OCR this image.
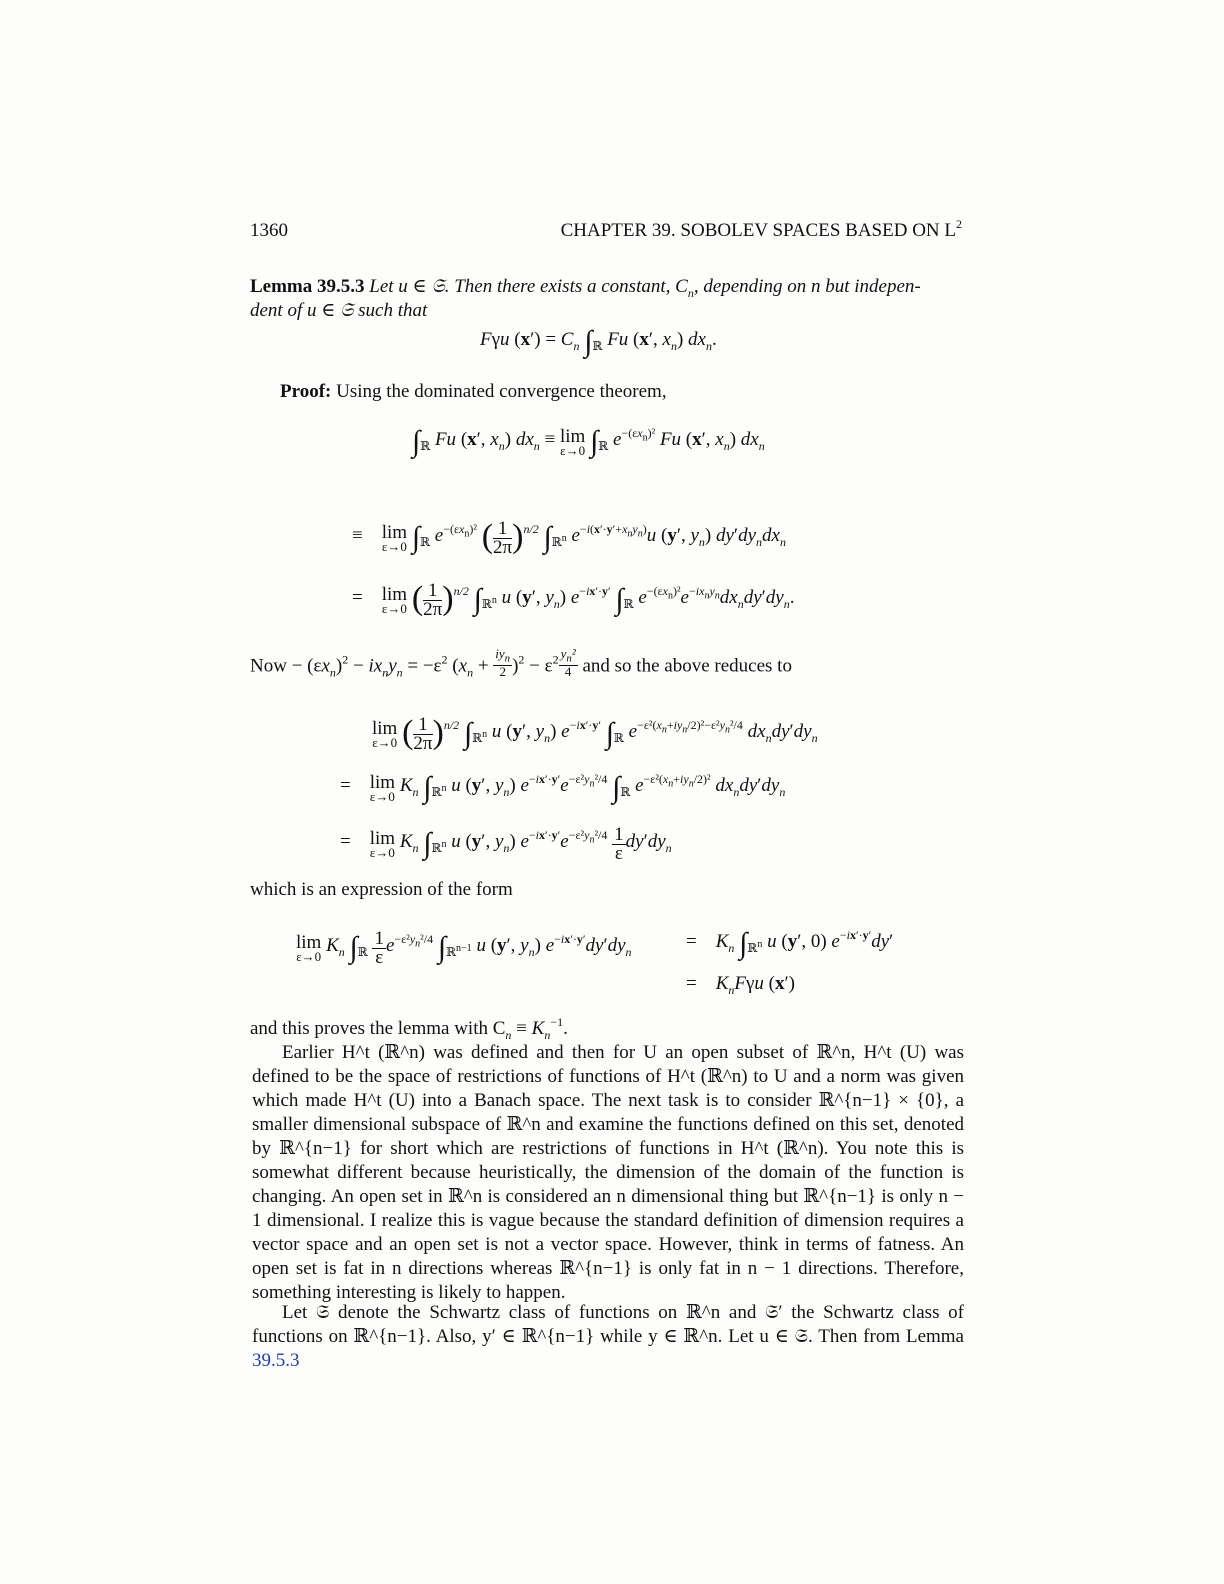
1360	CHAPTER 39. SOBOLEV SPACES BASED ON $L^2$
Lemma 39.5.3 Let u ∈ 𝔖. Then there exists a constant, $C_n$, depending on n but indepen-
dent of u ∈ 𝔖 such that
Fγu $(x') = C_n$ $\int_ℝ$ Fu (x′, $x_n$) $dx_n$.
Proof: Using the dominated convergence theorem,
$\int_ℝ$ Fu (x′, $x_n$) $dx_n \equiv \lim$
ε→0 $\int_ℝ$ $e^{-(\varepsilon x_n)^2}$ Fu (x′, $x_n$) $dx_n$
≡    lim
ε→0 $\int_ℝ$ $e^{-(\varepsilon x_n)^2}$ ( $\frac{1}{2\pi} )^{n/2}$ $\int_{ℝ^n}$ $e^{-i(x'\cdot y'+x_ny_n)}u$ (y′, $y_n$) $dy'dy_ndx_n$
=    lim
ε→0 ( $\frac{1}{2\pi} )^{n/2}$ $\int_{ℝ^n}$ u (y′, $y_n$) $e^{-ix'\cdot y'}$ $\int_ℝ$ $e^{-(\varepsilon x_n)^2}e^{-ix_ny_n}dx_ndy'dy_n$.
Now − $(\varepsilon x_n)^2 - ix_ny_n = -\varepsilon^2$ $(x_n + \frac{iy_n}{2} )^2 - \varepsilon^2 \frac{y_n^2}{4}$ and so the above reduces to
lim
ε→0 ( $\frac{1}{2\pi} )^{n/2}$ $\int_{ℝ^n}$ u (y′, $y_n$) $e^{-ix'\cdot y'}$ $\int_ℝ$ $e^{-\varepsilon^2(x_n+iy_n/2)^2-\varepsilon^2y_n^2/4}$ $dx_ndy'dy_n$
=    lim
ε→0
$K_n$ $\int_{ℝ^n}$ u (y′, $y_n$) $e^{-ix'\cdot y'}e^{-\varepsilon^2y_n^2/4}$ $\int_ℝ$ $e^{-\varepsilon^2(x_n+iy_n/2)^2}$ $dx_ndy'dy_n$
=    lim
ε→0
$K_n$ $\int_{ℝ^n}$ u (y′, $y_n$) $e^{-ix'\cdot y'}e^{-\varepsilon^2y_n^2/4} \frac{1}{\varepsilon} dy'dy_n$
which is an expression of the form
lim
ε→0
$K_n$ $\int_ℝ \frac{1}{\varepsilon} e^{-\varepsilon^2y_n^2/4}$ $\int_{ℝ^{n-1}}$ u (y′, $y_n$) $e^{-ix'\cdot y'}dy'dy_n$	=    $K_n$ $\int_{ℝ^n}$ u (y′, 0) $e^{-ix'\cdot y'}dy'$
=    $K_nF\gamma u$ (x′)
and this proves the lemma with $C_n \equiv K_n^{-1}$.
Earlier H^t (ℝ^n) was defined and then for U an open subset of ℝ^n, H^t (U) was defined to be the space of restrictions of functions of H^t (ℝ^n) to U and a norm was given which made H^t (U) into a Banach space. The next task is to consider ℝ^{n−1} × {0}, a smaller dimensional subspace of ℝ^n and examine the functions defined on this set, denoted by ℝ^{n−1} for short which are restrictions of functions in H^t (ℝ^n). You note this is somewhat different because heuristically, the dimension of the domain of the function is changing. An open set in ℝ^n is considered an n dimensional thing but ℝ^{n−1} is only n − 1 dimensional. I realize this is vague because the standard definition of dimension requires a vector space and an open set is not a vector space. However, think in terms of fatness. An open set is fat in n directions whereas ℝ^{n−1} is only fat in n − 1 directions. Therefore, something interesting is likely to happen.
Let 𝔖 denote the Schwartz class of functions on ℝ^n and 𝔖′ the Schwartz class of functions on ℝ^{n−1}. Also, y′ ∈ ℝ^{n−1} while y ∈ ℝ^n. Let u ∈ 𝔖. Then from Lemma 39.5.3
